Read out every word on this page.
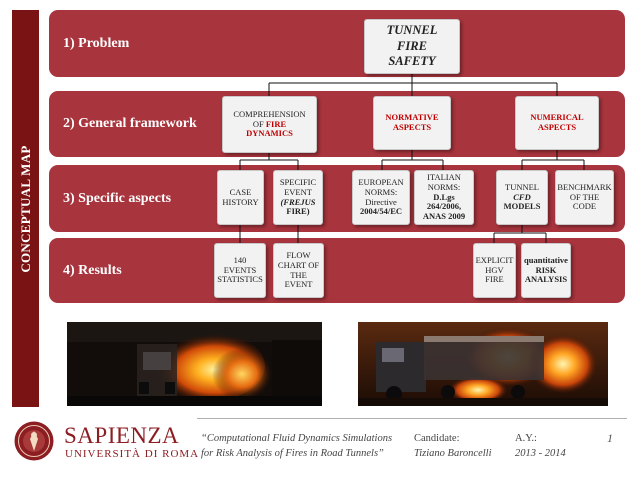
CONCEPTUAL MAP
1) Problem
2) General framework
3) Specific aspects
4) Results
TUNNEL
FIRE
SAFETY
COMPREHENSION
OF FIRE
DYNAMICS
NORMATIVE
ASPECTS
NUMERICAL
ASPECTS
CASE
HISTORY
SPECIFIC
EVENT
(FREJUS
FIRE)
EUROPEAN
NORMS:
Directive
2004/54/EC
ITALIAN
NORMS: D.Lgs
264/2006,
ANAS 2009
TUNNEL
CFD
MODELS
BENCHMARK
OF THE CODE
140
EVENTS
STATISTICS
FLOW
CHART OF
THE EVENT
EXPLICIT
HGV FIRE
quantitative
RISK
ANALYSIS
SAPIENZA
UNIVERSITÀ DI ROMA
“Computational Fluid Dynamics Simulations
for Risk Analysis of Fires in Road Tunnels”
Candidate:
Tiziano Baroncelli
A.Y.:
2013 - 2014
1
